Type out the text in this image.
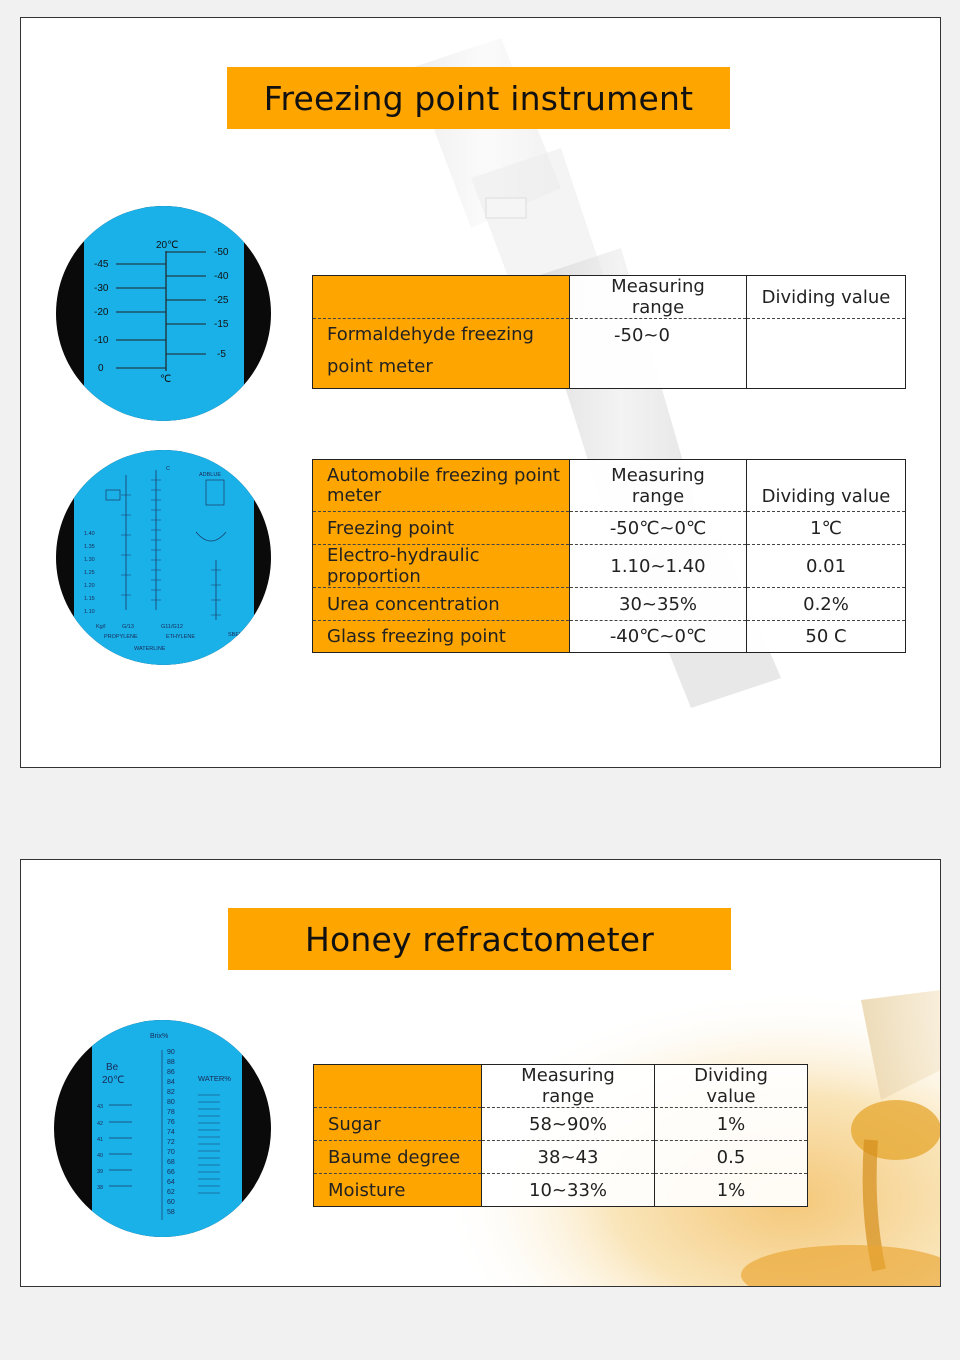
Freezing point instrument
20℃
-45
-30
-20
-10
0
-50
-40
-25
-15
-5
℃
C
1.40
1.35
1.30
1.25
1.20
1.15
1.10
Kg/l	G/13	G11/G12
PROPYLENE	ETHYLENE
WATERLINE
ADBLUE
SBEV
	Measuring range	Dividing value
Formaldehyde freezing point meter	-50~0	
Automobile freezing point meter	Measuring range	Dividing value
Freezing point	-50℃~0℃	1℃
Electro-hydraulic proportion	1.10~1.40	0.01
Urea concentration	30~35%	0.2%
Glass freezing point	-40℃~0℃	50 C
Honey refractometer
Brix%
Be
20℃	WATER%
90
88
86
84
82
80
78
76
74
72
70
68
66
64
62
60
58
43
42
41
40
39
38
	Measuring range	Dividing value
Sugar	58~90%	1%
Baume degree	38~43	0.5
Moisture	10~33%	1%
